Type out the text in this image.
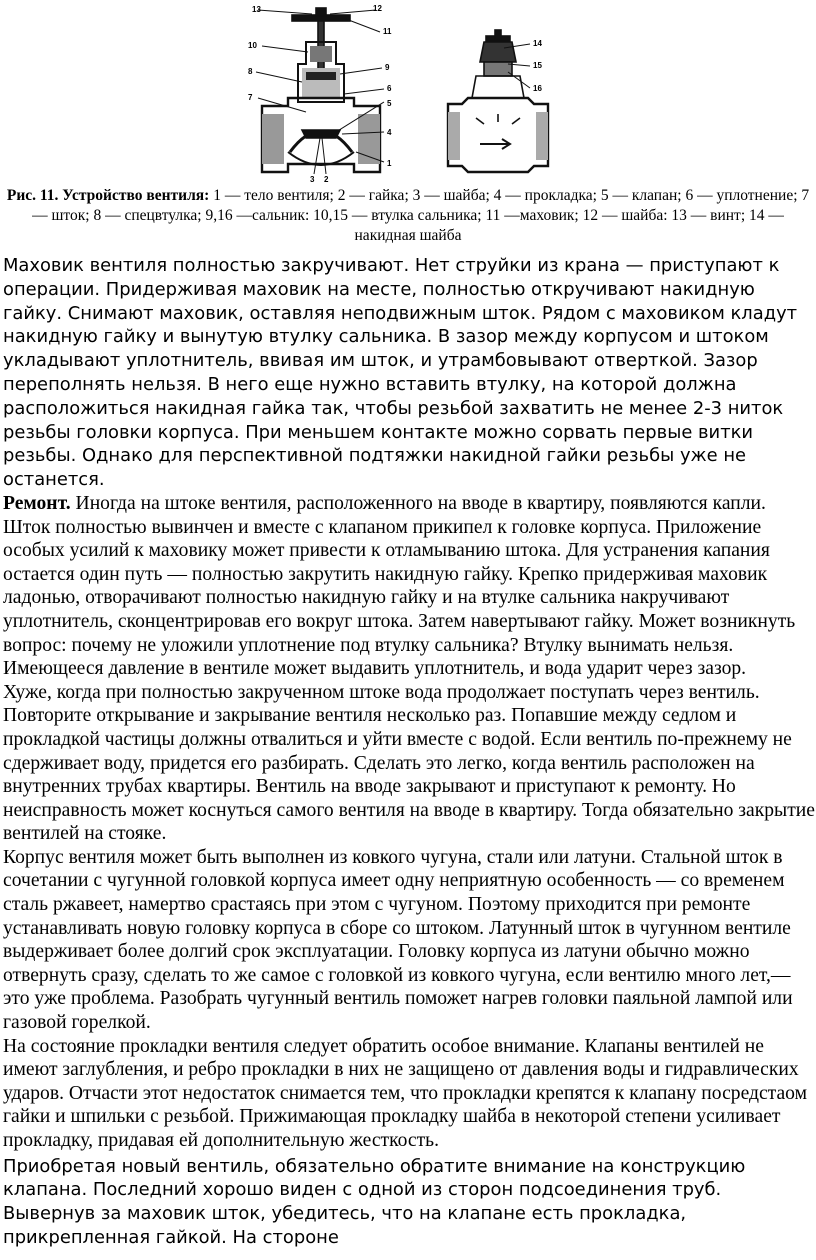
13	12
10
11
8	9
7
6
5
4
1
3 2
14
15
16
Рис. 11. Устройство вентиля: 1 — тело вентиля; 2 — гайка; 3 — шайба; 4 — прокладка; 5 — клапан; 6 — уплотнение; 7 — шток; 8 — спецвтулка; 9,16 —сальник: 10,15 — втулка сальника; 11 —маховик; 12 — шайба: 13 — винт; 14 — накидная шайба

Маховик вентиля полностью закручивают. Нет струйки из крана — приступают к операции. Придерживая маховик на месте, полностью откручивают накидную гайку. Снимают маховик, оставляя неподвижным шток. Рядом с маховиком кладут накидную гайку и вынутую втулку сальника. В зазор между корпусом и штоком укладывают уплотнитель, ввивая им шток, и утрамбовывают отверткой. Зазор переполнять нельзя. В него еще нужно вставить втулку, на которой должна расположиться накидная гайка так, чтобы резьбой захватить не менее 2-3 ниток резьбы головки корпуса. При меньшем контакте можно сорвать первые витки резьбы. Однако для перспективной подтяжки накидной гайки резьбы уже не останется.

Ремонт. Иногда на штоке вентиля, расположенного на вводе в квартиру, появляются капли. Шток полностью вывинчен и вместе с клапаном прикипел к головке корпуса. Приложение особых усилий к маховику может привести к отламыванию штока. Для устранения капания остается один путь — полностью закрутить накидную гайку. Крепко придерживая маховик ладонью, отворачивают полностью накидную гайку и на втулке сальника накручивают уплотнитель, сконцентрировав его вокруг штока. Затем навертывают гайку. Может возникнуть вопрос: почему не уложили уплотнение под втулку сальника? Втулку вынимать нельзя. Имеющееся давление в вентиле может выдавить уплотнитель, и вода ударит через зазор.

Хуже, когда при полностью закрученном штоке вода продолжает поступать через вентиль. Повторите открывание и закрывание вентиля несколько раз. Попавшие между седлом и прокладкой частицы должны отвалиться и уйти вместе с водой. Если вентиль по-прежнему не сдерживает воду, придется его разбирать. Сделать это легко, когда вентиль расположен на внутренних трубах квартиры. Вентиль на вводе закрывают и приступают к ремонту. Но неисправность может коснуться самого вентиля на вводе в квартиру. Тогда обязательно закрытие вентилей на стояке.

Корпус вентиля может быть выполнен из ковкого чугуна, стали или латуни. Стальной шток в сочетании с чугунной головкой корпуса имеет одну неприятную особенность — со временем сталь ржавеет, намертво срастаясь при этом с чугуном. Поэтому приходится при ремонте устанавливать новую головку корпуса в сборе со штоком. Латунный шток в чугунном вентиле выдерживает более долгий срок эксплуатации. Головку корпуса из латуни обычно можно отвернуть сразу, сделать то же самое с головкой из ковкого чугуна, если вентилю много лет,— это уже проблема. Разобрать чугунный вентиль поможет нагрев головки паяльной лампой или газовой горелкой.

На состояние прокладки вентиля следует обратить особое внимание. Клапаны вентилей не имеют заглубления, и ребро прокладки в них не защищено от давления воды и гидравлических ударов. Отчасти этот недостаток снимается тем, что прокладки крепятся к клапану посредстаом гайки и шпильки с резьбой. Прижимающая прокладку шайба в некоторой степени усиливает прокладку, придавая ей дополнительную жесткость.

Приобретая новый вентиль, обязательно обратите внимание на конструкцию клапана. Последний хорошо виден с одной из сторон подсоединения труб. Вывернув за маховик шток, убедитесь, что на клапане есть прокладка, прикрепленная гайкой. На стороне
